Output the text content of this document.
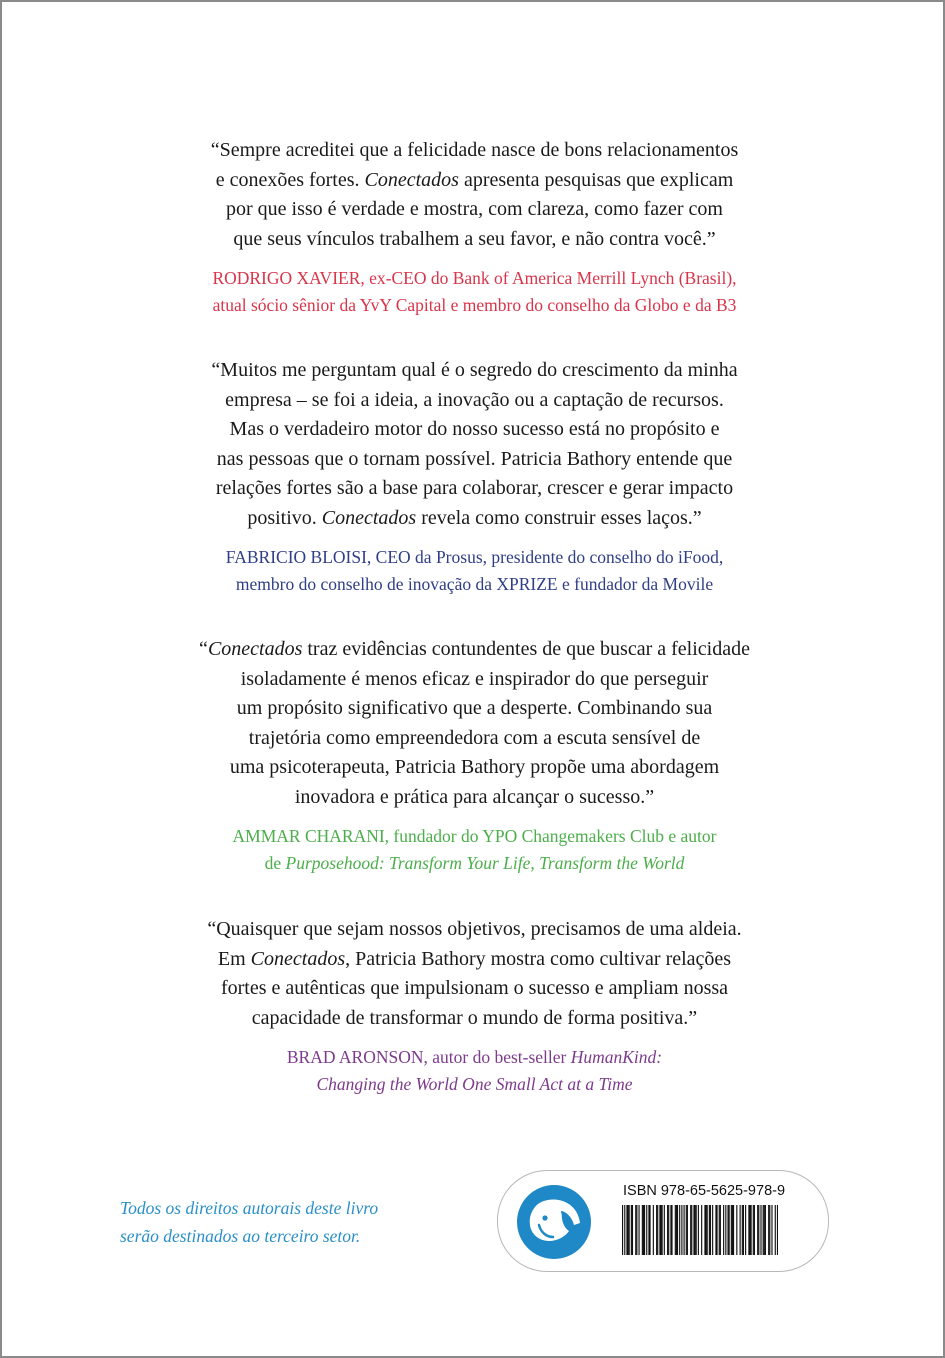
“Sempre acreditei que a felicidade nasce de bons relacionamentos
e conexões fortes. Conectados apresenta pesquisas que explicam
por que isso é verdade e mostra, com clareza, como fazer com
que seus vínculos trabalhem a seu favor, e não contra você.”

RODRIGO XAVIER, ex-CEO do Bank of America Merrill Lynch (Brasil),
atual sócio sênior da YvY Capital e membro do conselho da Globo e da B3

“Muitos me perguntam qual é o segredo do crescimento da minha
empresa – se foi a ideia, a inovação ou a captação de recursos.
Mas o verdadeiro motor do nosso sucesso está no propósito e
nas pessoas que o tornam possível. Patricia Bathory entende que
relações fortes são a base para colaborar, crescer e gerar impacto
positivo. Conectados revela como construir esses laços.”

FABRICIO BLOISI, CEO da Prosus, presidente do conselho do iFood,
membro do conselho de inovação da XPRIZE e fundador da Movile

“Conectados traz evidências contundentes de que buscar a felicidade
isoladamente é menos eficaz e inspirador do que perseguir
um propósito significativo que a desperte. Combinando sua
trajetória como empreendedora com a escuta sensível de
uma psicoterapeuta, Patricia Bathory propõe uma abordagem
inovadora e prática para alcançar o sucesso.”

AMMAR CHARANI, fundador do YPO Changemakers Club e autor
de Purposehood: Transform Your Life, Transform the World

“Quaisquer que sejam nossos objetivos, precisamos de uma aldeia.
Em Conectados, Patricia Bathory mostra como cultivar relações
fortes e autênticas que impulsionam o sucesso e ampliam nossa
capacidade de transformar o mundo de forma positiva.”

BRAD ARONSON, autor do best-seller HumanKind:
Changing the World One Small Act at a Time

Todos os direitos autorais deste livro
serão destinados ao terceiro setor.
ISBN 978-65-5625-978-9
